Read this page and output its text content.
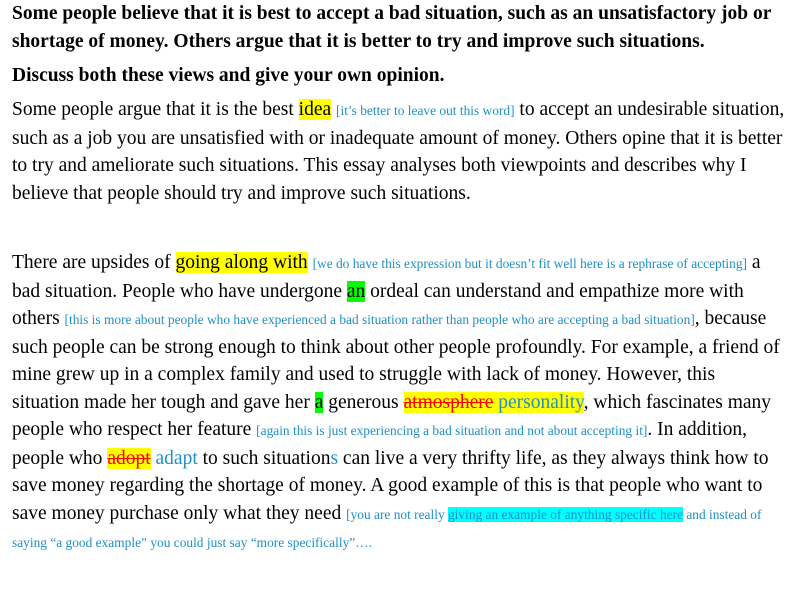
Some people believe that it is best to accept a bad situation, such as an unsatisfactory job or shortage of money. Others argue that it is better to try and improve such situations.

Discuss both these views and give your own opinion.

Some people argue that it is the best idea [it’s better to leave out this word] to accept an undesirable situation, such as a job you are unsatisfied with or inadequate amount of money. Others opine that it is better to try and ameliorate such situations. This essay analyses both viewpoints and describes why I believe that people should try and improve such situations.

There are upsides of going along with [we do have this expression but it doesn’t fit well here is a rephrase of accepting] a bad situation. People who have undergone an ordeal can understand and empathize more with others [this is more about people who have experienced a bad situation rather than people who are accepting a bad situation], because such people can be strong enough to think about other people profoundly. For example, a friend of mine grew up in a complex family and used to struggle with lack of money. However, this situation made her tough and gave her a generous atmosphere personality, which fascinates many people who respect her feature [again this is just experiencing a bad situation and not about accepting it]. In addition, people who adopt adapt to such situations can live a very thrifty life, as they always think how to save money regarding the shortage of money. A good example of this is that people who want to save money purchase only what they need [you are not really giving an example of anything specific here and instead of saying “a good example” you could just say “more specifically”….
